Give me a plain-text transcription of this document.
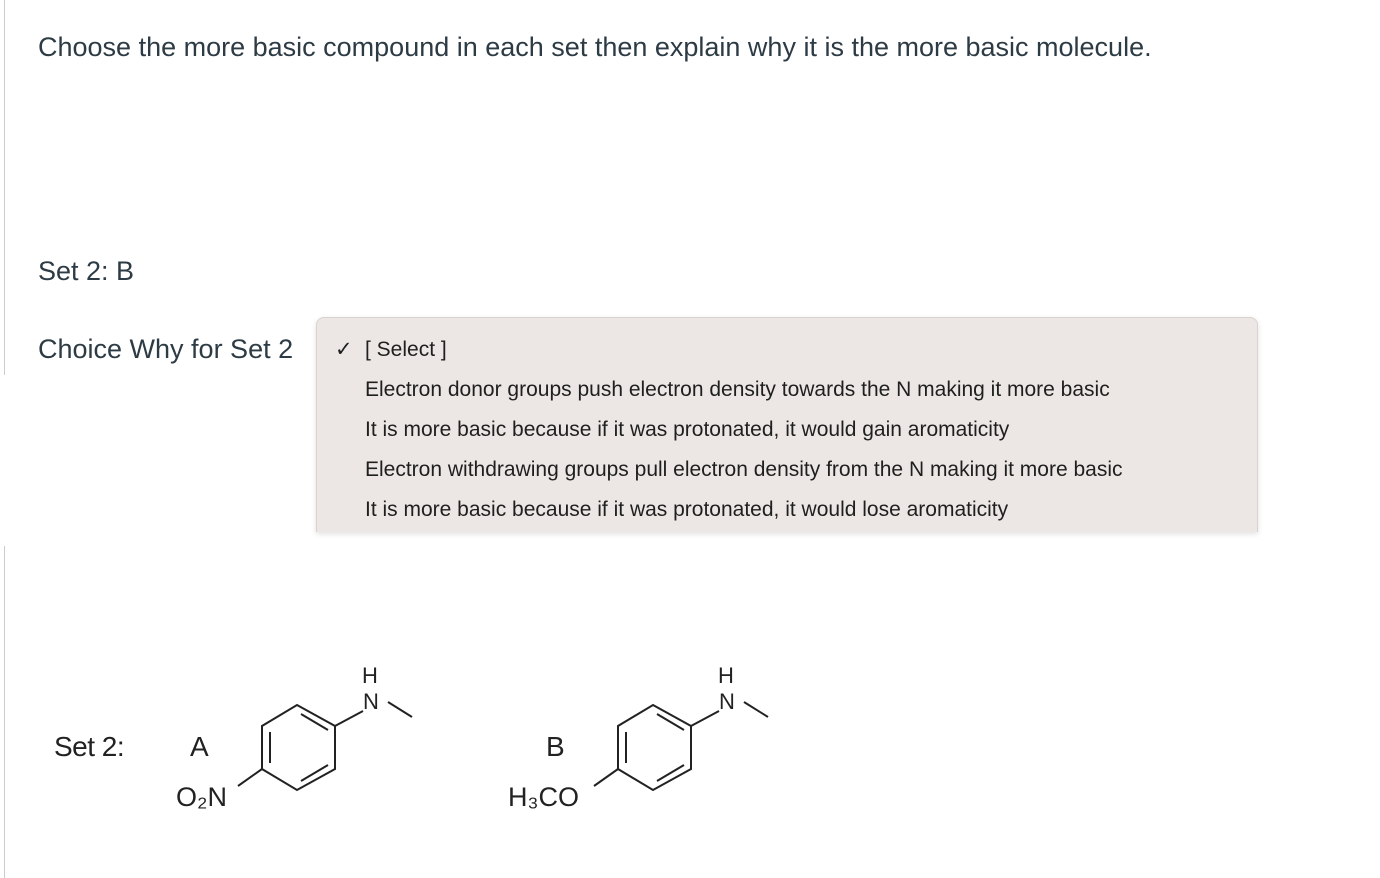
Choose the more basic compound in each set then explain why it is the more basic molecule.
Set 2: B
Choice Why for Set 2 ✓ [ Select ]
Electron donor groups push electron density towards the N making it more basic
It is more basic because if it was protonated, it would gain aromaticity
Electron withdrawing groups pull electron density from the N making it more basic
It is more basic because if it was protonated, it would lose aromaticity
Set 2: A	B
H
N
O₂N
H
N
H₃CO
